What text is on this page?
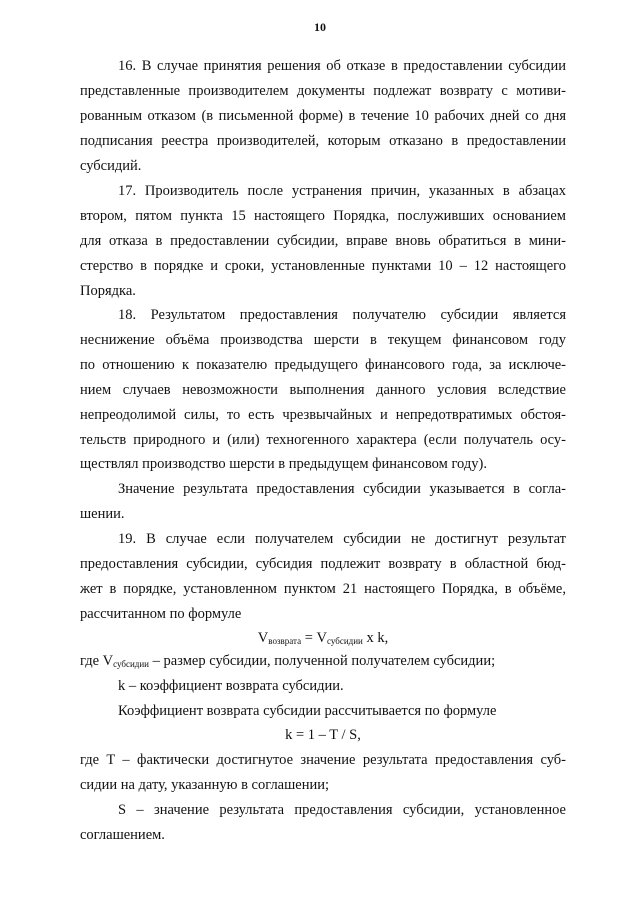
10
16. В случае принятия решения об отказе в предоставлении субсидии
представленные производителем документы подлежат возврату с мотиви-
рованным отказом (в письменной форме) в течение 10 рабочих дней со дня
подписания реестра производителей, которым отказано в предоставлении
субсидий.
17. Производитель после устранения причин, указанных в абзацах
втором, пятом пункта 15 настоящего Порядка, послуживших основанием
для отказа в предоставлении субсидии, вправе вновь обратиться в мини-
стерство в порядке и сроки, установленные пунктами 10 – 12 настоящего
Порядка.
18. Результатом предоставления получателю субсидии является
неснижение объёма производства шерсти в текущем финансовом году
по отношению к показателю предыдущего финансового года, за исключе-
нием случаев невозможности выполнения данного условия вследствие
непреодолимой силы, то есть чрезвычайных и непредотвратимых обстоя-
тельств природного и (или) техногенного характера (если получатель осу-
ществлял производство шерсти в предыдущем финансовом году).
Значение результата предоставления субсидии указывается в согла-
шении.
19. В случае если получателем субсидии не достигнут результат
предоставления субсидии, субсидия подлежит возврату в областной бюд-
жет в порядке, установленном пунктом 21 настоящего Порядка, в объёме,
рассчитанном по формуле
$V_{возврата} = V_{субсидии}$ x k,
где $V_{субсидии}$ – размер субсидии, полученной получателем субсидии;
k – коэффициент возврата субсидии.
Коэффициент возврата субсидии рассчитывается по формуле
k = 1 – T / S,
где T – фактически достигнутое значение результата предоставления суб-
сидии на дату, указанную в соглашении;
S – значение результата предоставления субсидии, установленное
соглашением.
